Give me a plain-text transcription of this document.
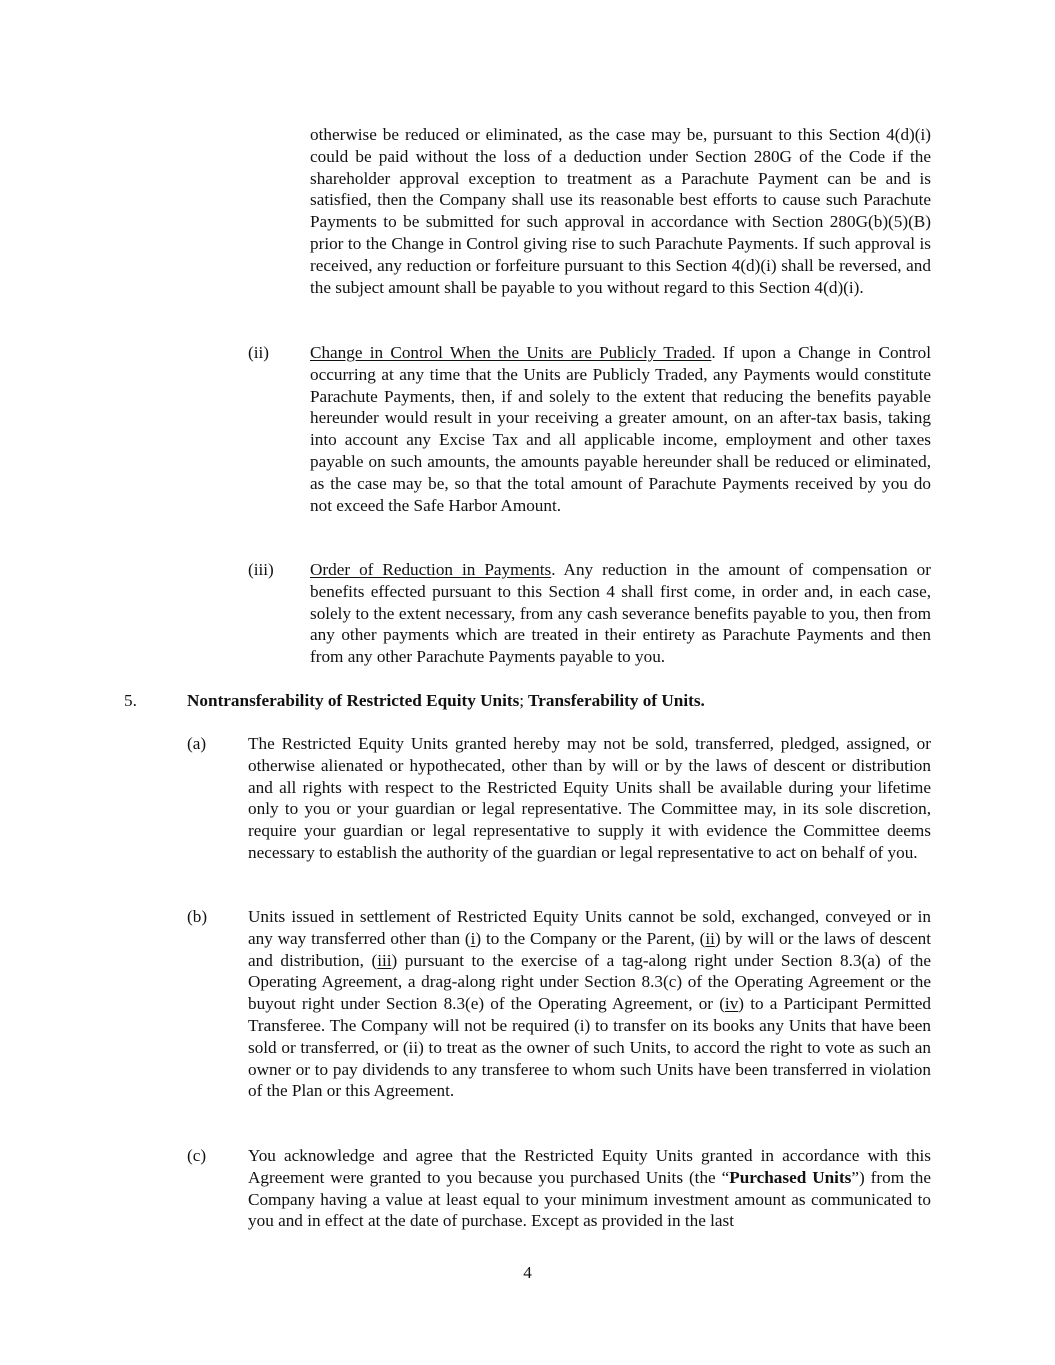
otherwise be reduced or eliminated, as the case may be, pursuant to this Section 4(d)(i) could be paid without the loss of a deduction under Section 280G of the Code if the shareholder approval exception to treatment as a Parachute Payment can be and is satisfied, then the Company shall use its reasonable best efforts to cause such Parachute Payments to be submitted for such approval in accordance with Section 280G(b)(5)(B) prior to the Change in Control giving rise to such Parachute Payments. If such approval is received, any reduction or forfeiture pursuant to this Section 4(d)(i) shall be reversed, and the subject amount shall be payable to you without regard to this Section 4(d)(i).
(ii) Change in Control When the Units are Publicly Traded. If upon a Change in Control occurring at any time that the Units are Publicly Traded, any Payments would constitute Parachute Payments, then, if and solely to the extent that reducing the benefits payable hereunder would result in your receiving a greater amount, on an after-tax basis, taking into account any Excise Tax and all applicable income, employment and other taxes payable on such amounts, the amounts payable hereunder shall be reduced or eliminated, as the case may be, so that the total amount of Parachute Payments received by you do not exceed the Safe Harbor Amount.
(iii) Order of Reduction in Payments. Any reduction in the amount of compensation or benefits effected pursuant to this Section 4 shall first come, in order and, in each case, solely to the extent necessary, from any cash severance benefits payable to you, then from any other payments which are treated in their entirety as Parachute Payments and then from any other Parachute Payments payable to you.
5.	Nontransferability of Restricted Equity Units; Transferability of Units.
(a) The Restricted Equity Units granted hereby may not be sold, transferred, pledged, assigned, or otherwise alienated or hypothecated, other than by will or by the laws of descent or distribution and all rights with respect to the Restricted Equity Units shall be available during your lifetime only to you or your guardian or legal representative. The Committee may, in its sole discretion, require your guardian or legal representative to supply it with evidence the Committee deems necessary to establish the authority of the guardian or legal representative to act on behalf of you.
(b) Units issued in settlement of Restricted Equity Units cannot be sold, exchanged, conveyed or in any way transferred other than (i) to the Company or the Parent, (ii) by will or the laws of descent and distribution, (iii) pursuant to the exercise of a tag-along right under Section 8.3(a) of the Operating Agreement, a drag-along right under Section 8.3(c) of the Operating Agreement or the buyout right under Section 8.3(e) of the Operating Agreement, or (iv) to a Participant Permitted Transferee. The Company will not be required (i) to transfer on its books any Units that have been sold or transferred, or (ii) to treat as the owner of such Units, to accord the right to vote as such an owner or to pay dividends to any transferee to whom such Units have been transferred in violation of the Plan or this Agreement.
(c) You acknowledge and agree that the Restricted Equity Units granted in accordance with this Agreement were granted to you because you purchased Units (the “Purchased Units”) from the Company having a value at least equal to your minimum investment amount as communicated to you and in effect at the date of purchase. Except as provided in the last
4
